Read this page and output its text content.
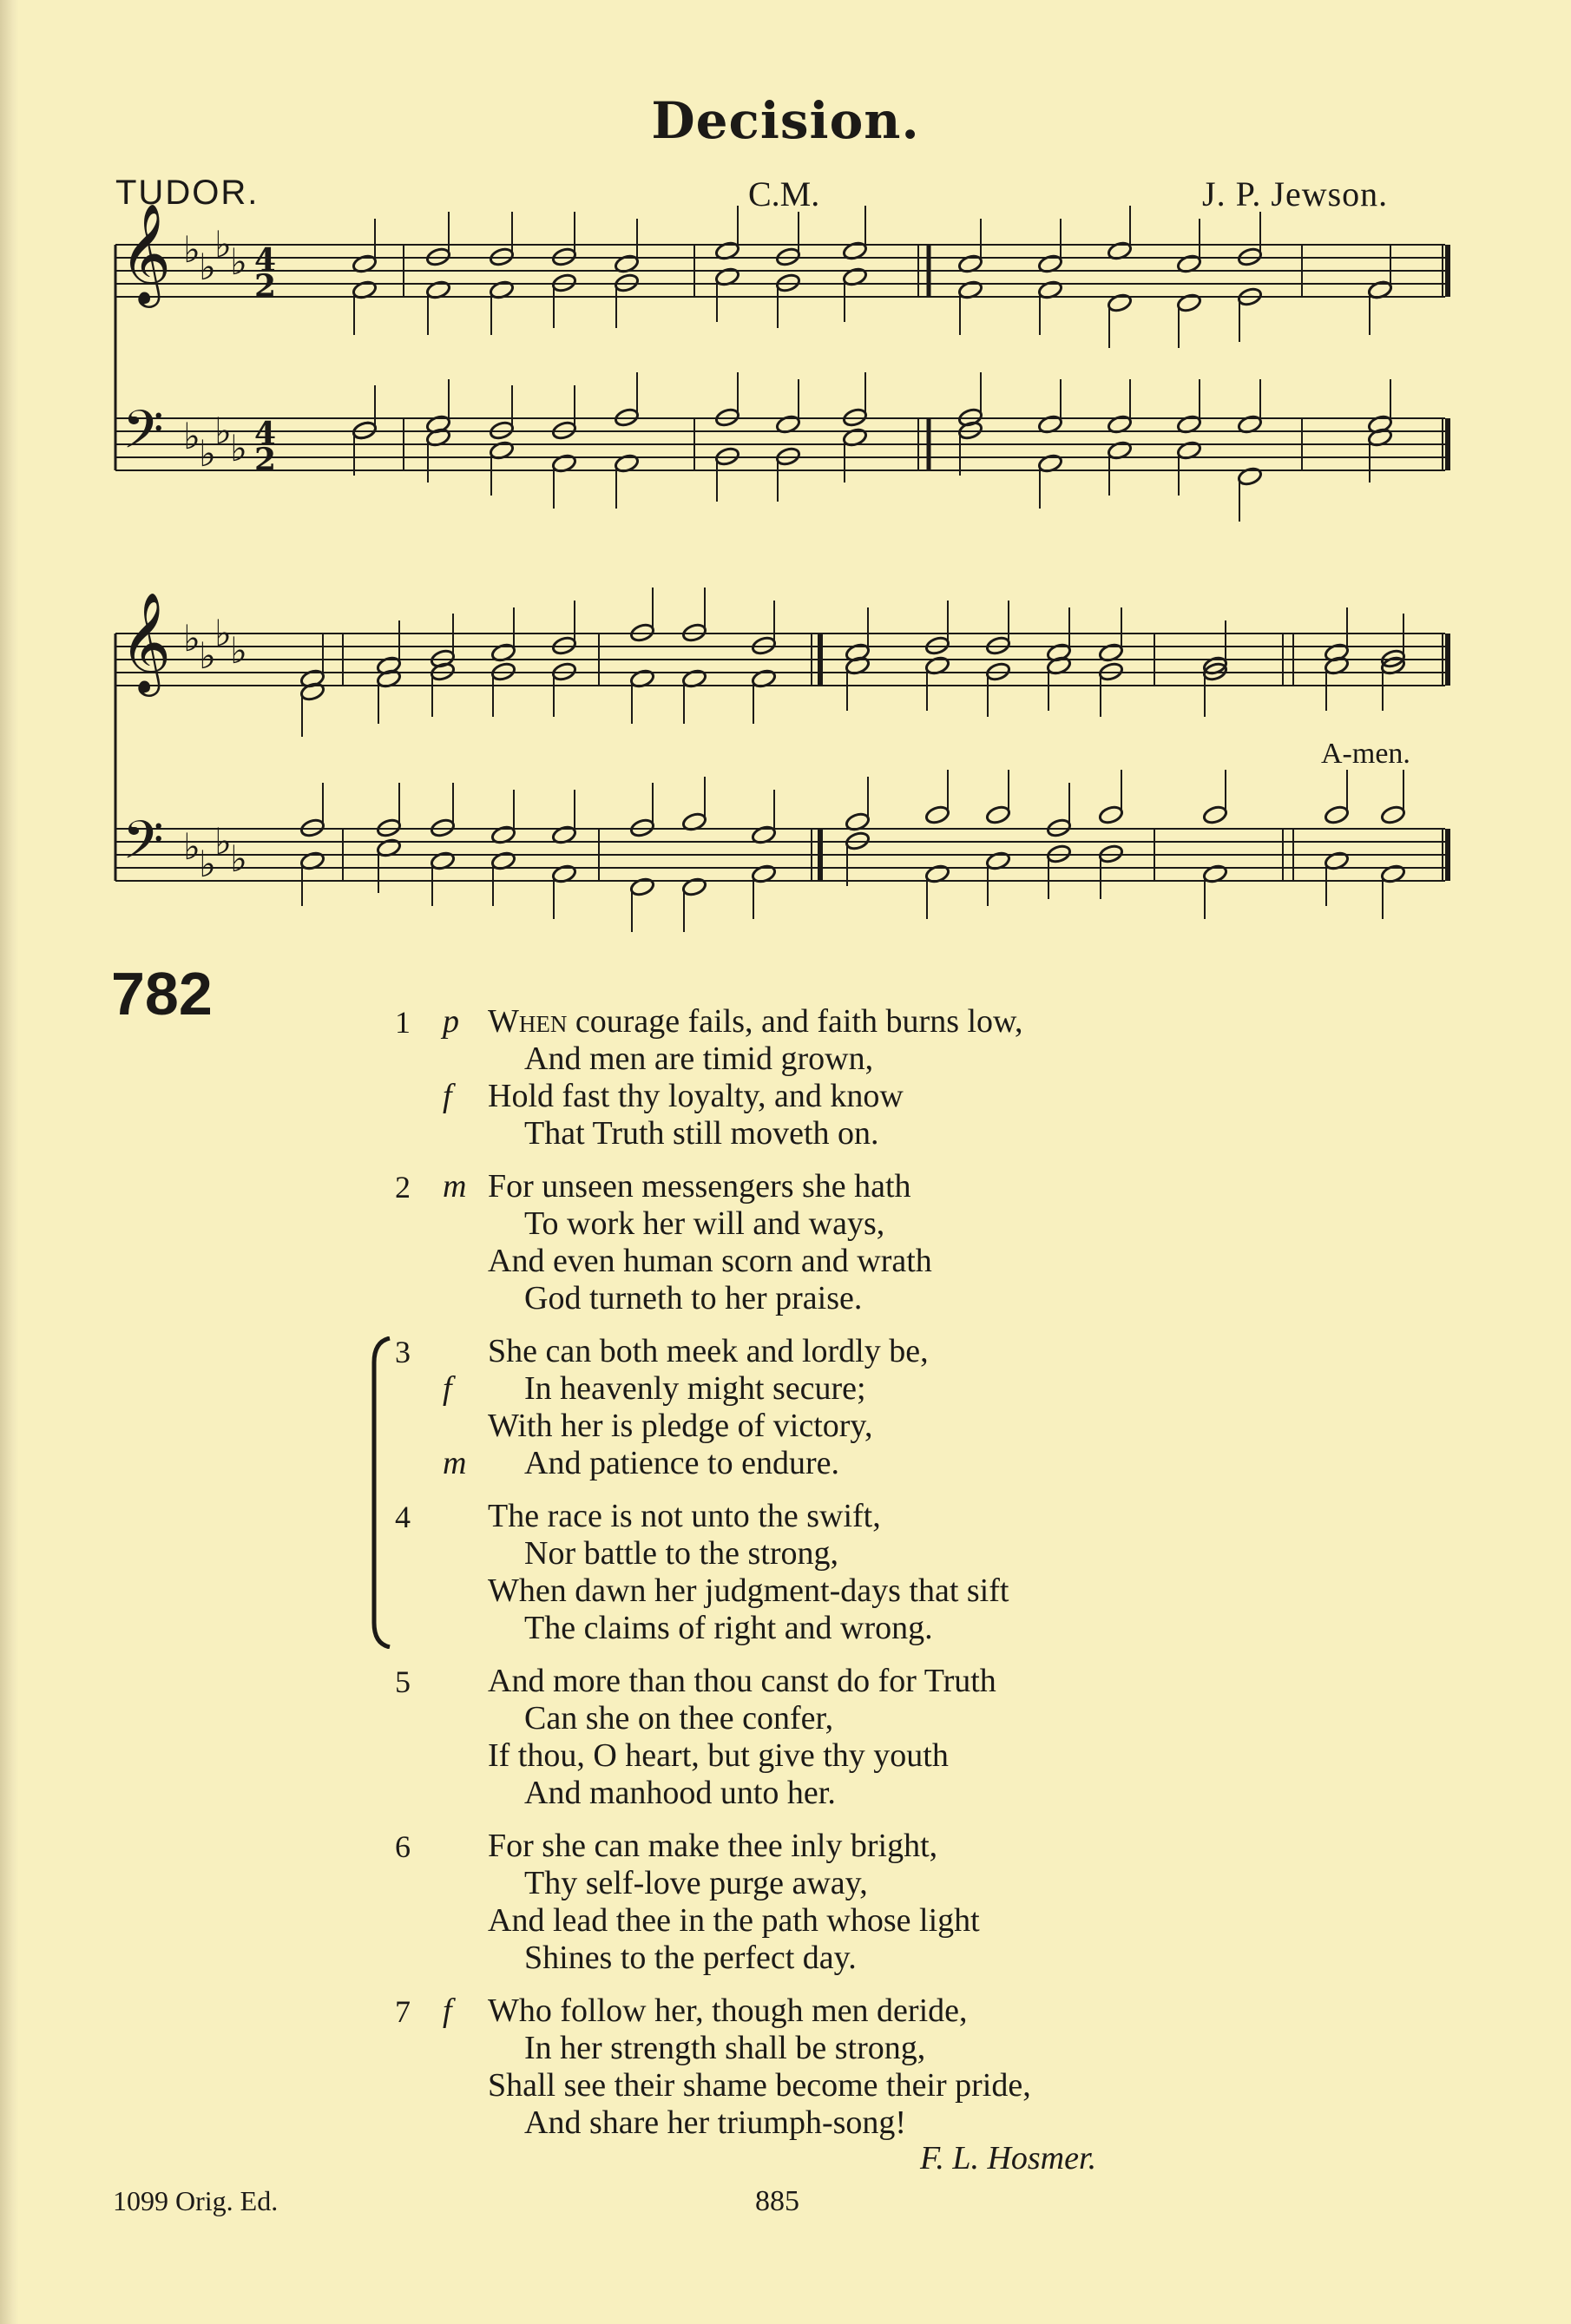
Decision.
TUDOR.	C.M.	J. P. Jewson.
𝄞
𝄢
♭
♭
♭
♭
♭
♭
♭
♭
4
2
4
2
𝄞
𝄢
♭
♭
♭
♭
♭
♭
♭
♭
A-men.
782	1 p When courage fails, and faith burns low,
And men are timid grown,
f Hold fast thy loyalty, and know
That Truth still moveth on.
2 m For unseen messengers she hath
To work her will and ways,
And even human scorn and wrath
God turneth to her praise.
3 She can both meek and lordly be,
f In heavenly might secure;
With her is pledge of victory,
m And patience to endure.
4 The race is not unto the swift,
Nor battle to the strong,
When dawn her judgment-days that sift
The claims of right and wrong.
5 And more than thou canst do for Truth
Can she on thee confer,
If thou, O heart, but give thy youth
And manhood unto her.
6 For she can make thee inly bright,
Thy self-love purge away,
And lead thee in the path whose light
Shines to the perfect day.
7 f Who follow her, though men deride,
In her strength shall be strong,
Shall see their shame become their pride,
And share her triumph-song!
F. L. Hosmer.
1099 Orig. Ed.	885
